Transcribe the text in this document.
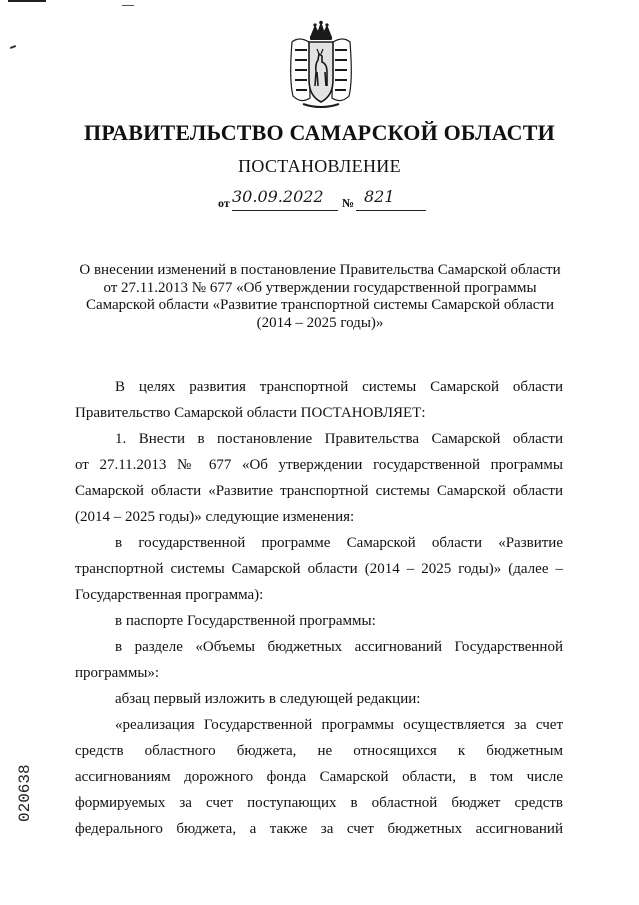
ПРАВИТЕЛЬСТВО САМАРСКОЙ ОБЛАСТИ
ПОСТАНОВЛЕНИЕ
от 30.09.2022 № 821
О внесении изменений в постановление Правительства Самарской области
от 27.11.2013 № 677 «Об утверждении государственной программы
Самарской области «Развитие транспортной системы Самарской области
(2014 – 2025 годы)»
В целях развития транспортной системы Самарской области
Правительство Самарской области ПОСТАНОВЛЯЕТ:
1. Внести в постановление Правительства Самарской области
от 27.11.2013 № 677 «Об утверждении государственной программы
Самарской области «Развитие транспортной системы Самарской области
(2014 – 2025 годы)» следующие изменения:
в государственной программе Самарской области «Развитие
транспортной системы Самарской области (2014 – 2025 годы)» (далее –
Государственная программа):
в паспорте Государственной программы:
в разделе «Объемы бюджетных ассигнований Государственной
программы»:
абзац первый изложить в следующей редакции:
«реализация Государственной программы осуществляется за счет
средств областного бюджета, не относящихся к бюджетным
ассигнованиям дорожного фонда Самарской области, в том числе
формируемых за счет поступающих в областной бюджет средств
федерального бюджета, а также за счет бюджетных ассигнований
020638
